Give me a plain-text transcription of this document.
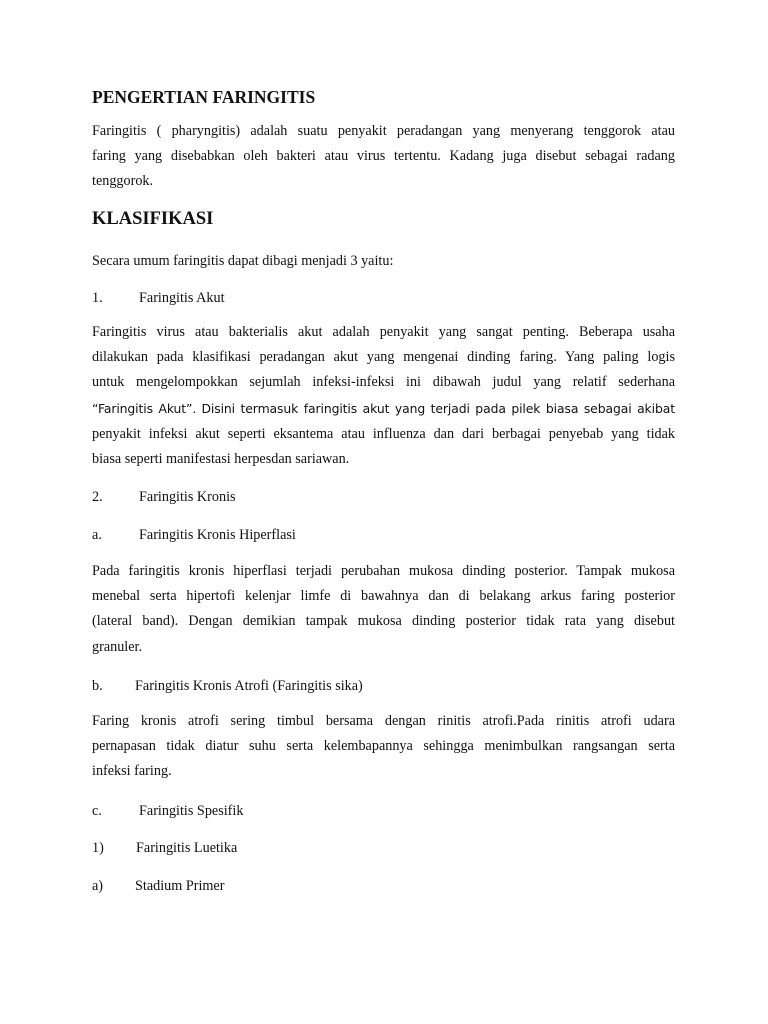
PENGERTIAN FARINGITIS
Faringitis ( pharyngitis) adalah suatu penyakit peradangan yang menyerang tenggorok atau
faring yang disebabkan oleh bakteri atau virus tertentu. Kadang juga disebut sebagai radang
tenggorok.
KLASIFIKASI

Secara umum faringitis dapat dibagi menjadi 3 yaitu:

1.	Faringitis Akut

Faringitis virus atau bakterialis akut adalah penyakit yang sangat penting. Beberapa usaha
dilakukan pada klasifikasi peradangan akut yang mengenai dinding faring. Yang paling logis
untuk mengelompokkan sejumlah infeksi-infeksi ini dibawah judul yang relatif sederhana
“Faringitis Akut”. Disini termasuk faringitis akut yang terjadi pada pilek biasa sebagai akibat
penyakit infeksi akut seperti eksantema atau influenza dan dari berbagai penyebab yang tidak
biasa seperti manifestasi herpesdan sariawan.

2.	Faringitis Kronis

a.	Faringitis Kronis Hiperflasi

Pada faringitis kronis hiperflasi terjadi perubahan mukosa dinding posterior. Tampak mukosa
menebal serta hipertofi kelenjar limfe di bawahnya dan di belakang arkus faring posterior
(lateral band). Dengan demikian tampak mukosa dinding posterior tidak rata yang disebut
granuler.

b. Faringitis Kronis Atrofi (Faringitis sika)

Faring kronis atrofi sering timbul bersama dengan rinitis atrofi.Pada rinitis atrofi udara
pernapasan tidak diatur suhu serta kelembapannya sehingga menimbulkan rangsangan serta
infeksi faring.

c.	Faringitis Spesifik

1) Faringitis Luetika

a) Stadium Primer
